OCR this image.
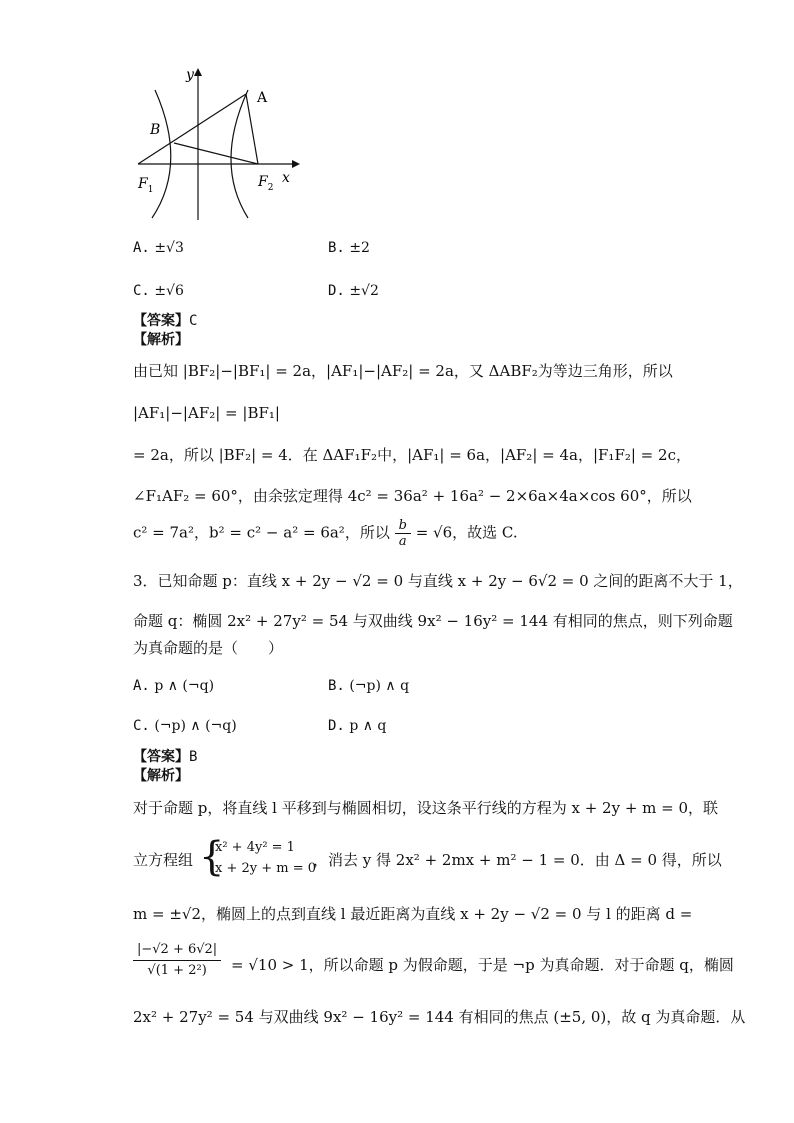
y
x
A
B
$F_1$	$F_2$
A. ±√3	B. ±2
C. ±√6	D. ±√2
【答案】C
【解析】
由已知 |BF₂|−|BF₁| = 2a，|AF₁|−|AF₂| = 2a，又 ΔABF₂为等边三角形，所以
|AF₁|−|AF₂| = |BF₁|
= 2a，所以 |BF₂| = 4．在 ΔAF₁F₂中，|AF₁| = 6a，|AF₂| = 4a，|F₁F₂| = 2c，
∠F₁AF₂ = 60°，由余弦定理得 4c² = 36a² + 16a² − 2×6a×4a×cos 60°，所以
c² = 7a²，b² = c² − a² = 6a²，所以 $\frac{b}{a} = √6$，故选 C.
3．已知命题 p：直线 x + 2y − √2 = 0 与直线 x + 2y − 6√2 = 0 之间的距离不大于 1，
命题 q：椭圆 2x² + 27y² = 54 与双曲线 9x² − 16y² = 144 有相同的焦点，则下列命题
为真命题的是（　　）
A. p ∧ (¬q)	B. (¬p) ∧ q
C. (¬p) ∧ (¬q)	D. p ∧ q
【答案】B
【解析】
对于命题 p，将直线 l 平移到与椭圆相切，设这条平行线的方程为 x + 2y + m = 0，联
立方程组 {
x² + 4y² = 1
x + 2y + m = 0
，消去 y 得 2x² + 2mx + m² − 1 = 0．由 Δ = 0 得，所以
m = ±√2，椭圆上的点到直线 l 最近距离为直线 x + 2y − √2 = 0 与 l 的距离 d =
$\frac{|-√2 + 6√2|}{\text{√(1 + 2²)}} = √10 > 1$，所以命题 p 为假命题，于是 ¬p 为真命题．对于命题 q，椭圆
2x² + 27y² = 54 与双曲线 9x² − 16y² = 144 有相同的焦点 (±5, 0)，故 q 为真命题．从
